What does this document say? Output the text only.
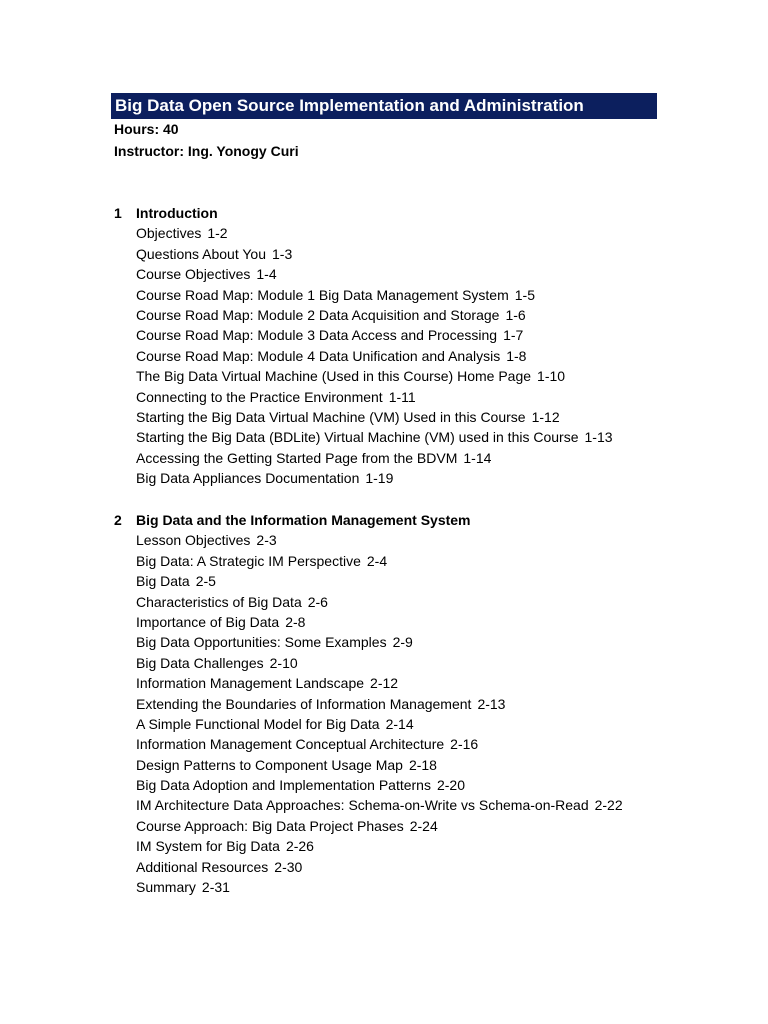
Big Data Open Source Implementation and Administration
Hours: 40
Instructor: Ing. Yonogy Curi
1 Introduction
Objectives 1-2
Questions About You 1-3
Course Objectives 1-4
Course Road Map: Module 1 Big Data Management System 1-5
Course Road Map: Module 2 Data Acquisition and Storage 1-6
Course Road Map: Module 3 Data Access and Processing 1-7
Course Road Map: Module 4 Data Unification and Analysis 1-8
The Big Data Virtual Machine (Used in this Course) Home Page 1-10
Connecting to the Practice Environment 1-11
Starting the Big Data Virtual Machine (VM) Used in this Course 1-12
Starting the Big Data (BDLite) Virtual Machine (VM) used in this Course 1-13
Accessing the Getting Started Page from the BDVM 1-14
Big Data Appliances Documentation 1-19
2 Big Data and the Information Management System
Lesson Objectives 2-3
Big Data: A Strategic IM Perspective 2-4
Big Data 2-5
Characteristics of Big Data 2-6
Importance of Big Data 2-8
Big Data Opportunities: Some Examples 2-9
Big Data Challenges 2-10
Information Management Landscape 2-12
Extending the Boundaries of Information Management 2-13
A Simple Functional Model for Big Data 2-14
Information Management Conceptual Architecture 2-16
Design Patterns to Component Usage Map 2-18
Big Data Adoption and Implementation Patterns 2-20
IM Architecture Data Approaches: Schema-on-Write vs Schema-on-Read 2-22
Course Approach: Big Data Project Phases 2-24
IM System for Big Data 2-26
Additional Resources 2-30
Summary 2-31
